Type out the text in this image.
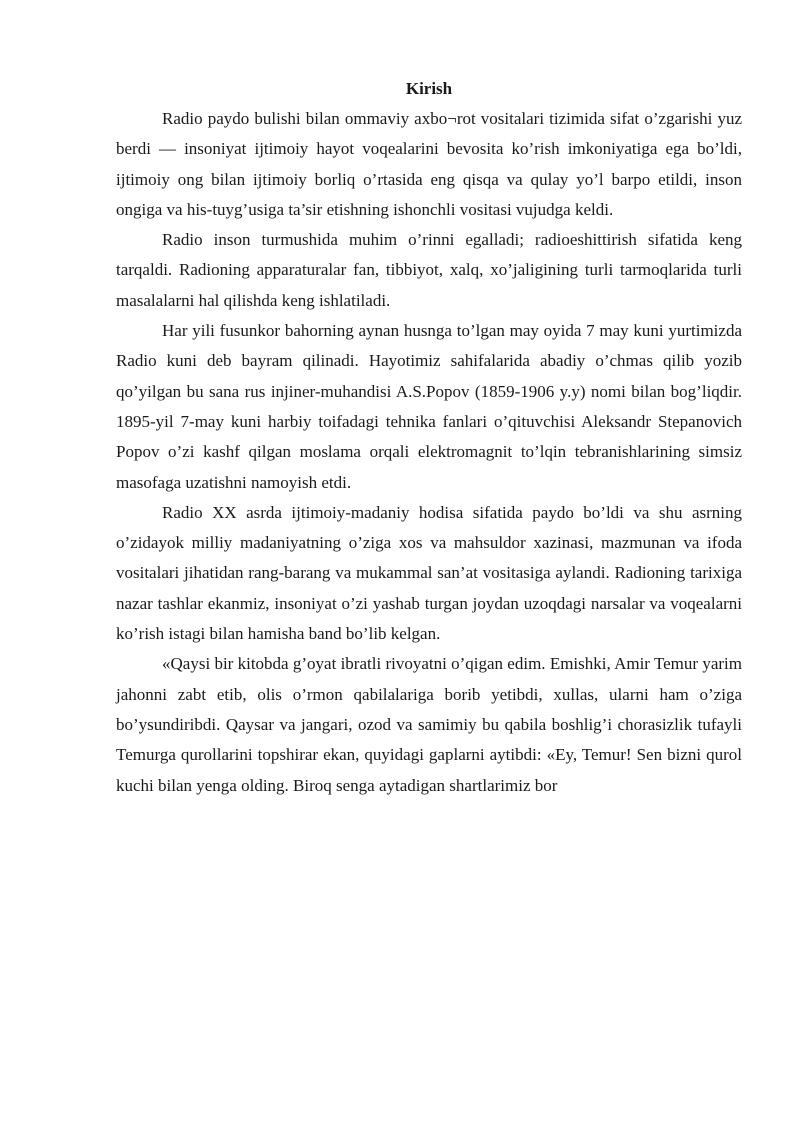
Kirish

Radio paydo bulishi bilan ommaviy axbo¬rot vositalari tizimida sifat o’zgarishi yuz berdi — insoniyat ijtimoiy hayot voqealarini bevosita ko’rish imkoniyatiga ega bo’ldi, ijtimoiy ong bilan ijtimoiy borliq o’rtasida eng qisqa va qulay yo’l barpo etildi, inson ongiga va his-tuyg’usiga ta’sir etishning ishonchli vositasi vujudga keldi.

Radio inson turmushida muhim o’rinni egalladi; radioeshittirish sifatida keng tarqaldi. Radioning apparaturalar fan, tibbiyot, xalq, xo’jaligining turli tarmoqlarida turli masalalarni hal qilishda keng ishlatiladi.

Har yili fusunkor bahorning aynan husnga to’lgan may oyida 7 may kuni yurtimizda Radio kuni deb bayram qilinadi. Hayotimiz sahifalarida abadiy o’chmas qilib yozib qo’yilgan bu sana rus injiner-muhandisi A.S.Popov (1859-1906 y.y) nomi bilan bog’liqdir. 1895-yil 7-may kuni harbiy toifadagi tehnika fanlari o’qituvchisi Aleksandr Stepanovich Popov o’zi kashf qilgan moslama orqali elektromagnit to’lqin tebranishlarining simsiz masofaga uzatishni namoyish etdi.

Radio XX asrda ijtimoiy-madaniy hodisa sifatida paydo bo’ldi va shu asrning o’zidayok milliy madaniyatning o’ziga xos va mahsuldor xazinasi, mazmunan va ifoda vositalari jihatidan rang-barang va mukammal san’at vositasiga aylandi. Radioning tarixiga nazar tashlar ekanmiz, insoniyat o’zi yashab turgan joydan uzoqdagi narsalar va voqealarni ko’rish istagi bilan hamisha band bo’lib kelgan.

«Qaysi bir kitobda g’oyat ibratli rivoyatni o’qigan edim. Emishki, Amir Temur yarim jahonni zabt etib, olis o’rmon qabilalariga borib yetibdi, xullas, ularni ham o’ziga bo’ysundiribdi. Qaysar va jangari, ozod va samimiy bu qabila boshlig’i chorasizlik tufayli Temurga qurollarini topshirar ekan, quyidagi gaplarni aytibdi: «Ey, Temur! Sen bizni qurol kuchi bilan yenga olding. Biroq senga aytadigan shartlarimiz bor
